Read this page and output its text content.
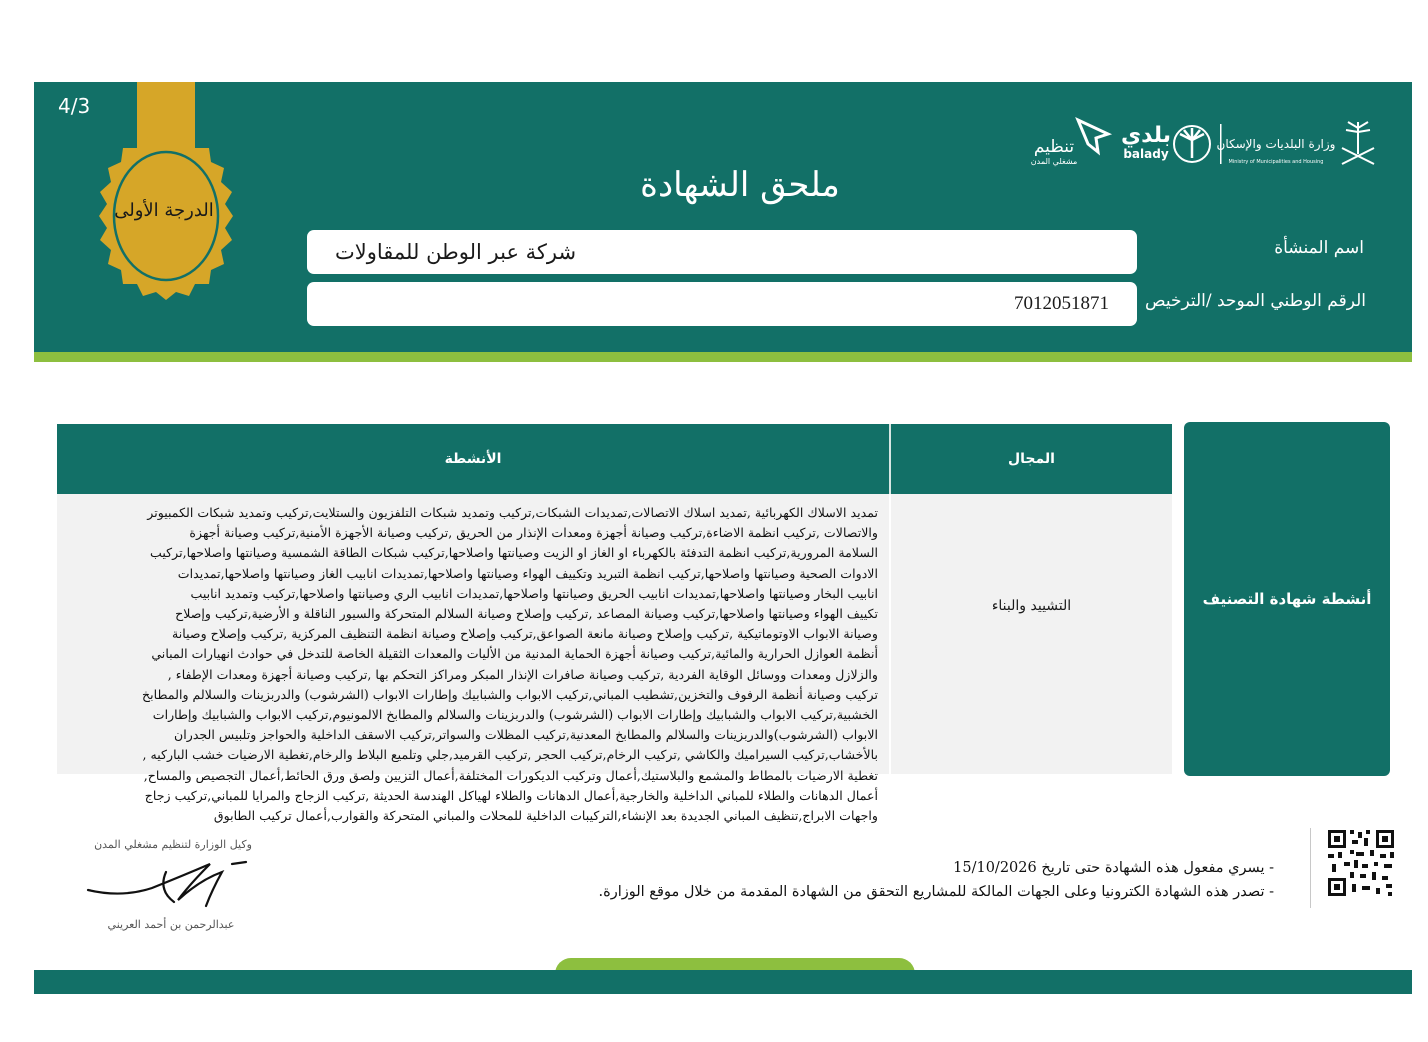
4/3
الدرجة الأولى
تنظيم
مشغلي المدن
بلدي
balady
وزارة البلديات والإسكان
Ministry of Municipalities and Housing
ملحق الشهادة
شركة عبر الوطن للمقاولات	اسم المنشأة
7012051871 الرقم الوطني الموحد /الترخيص
أنشطة شهادة التصنيف
الأنشطة	المجال
التشييد والبناء
تمديد الاسلاك الكهربائية ,تمديد اسلاك الاتصالات,تمديدات الشبكات,تركيب وتمديد شبكات التلفزيون والستلايت,تركيب وتمديد شبكات الكمبيوتر
والاتصالات ,تركيب انظمة الاضاءة,تركيب وصيانة أجهزة ومعدات الإنذار من الحريق ,تركيب وصيانة الأجهزة الأمنية,تركيب وصيانة أجهزة
السلامة المرورية,تركيب انظمة التدفئة بالكهرباء او الغاز او الزيت وصيانتها واصلاحها,تركيب شبكات الطاقة الشمسية وصيانتها واصلاحها,تركيب
الادوات الصحية وصيانتها واصلاحها,تركيب انظمة التبريد وتكييف الهواء وصيانتها واصلاحها,تمديدات انابيب الغاز وصيانتها واصلاحها,تمديدات
انابيب البخار وصيانتها واصلاحها,تمديدات انابيب الحريق وصيانتها واصلاحها,تمديدات انابيب الري وصيانتها واصلاحها,تركيب وتمديد انابيب
تكييف الهواء وصيانتها واصلاحها,تركيب وصيانة المصاعد ,تركيب وإصلاح وصيانة السلالم المتحركة والسيور الناقلة و الأرضية,تركيب وإصلاح
وصيانة الابواب الاوتوماتيكية ,تركيب وإصلاح وصيانة مانعة الصواعق,تركيب وإصلاح وصيانة انظمة التنظيف المركزية ,تركيب وإصلاح وصيانة
أنظمة العوازل الحرارية والمائية,تركيب وصيانة أجهزة الحماية المدنية من الأليات والمعدات الثقيلة الخاصة للتدخل في حوادث انهيارات المباني
والزلازل ومعدات ووسائل الوقاية الفردية ,تركيب وصيانة صافرات الإنذار المبكر ومراكز التحكم بها ,تركيب وصيانة أجهزة ومعدات الإطفاء ,
تركيب وصيانة أنظمة الرفوف والتخزين,تشطيب المباني,تركيب الابواب والشبابيك وإطارات الابواب (الشرشوب) والدربزينات والسلالم والمطابخ
الخشبية,تركيب الابواب والشبابيك وإطارات الابواب (الشرشوب) والدربزينات والسلالم والمطابخ الالمونيوم,تركيب الابواب والشبابيك وإطارات
الابواب (الشرشوب)والدربزينات والسلالم والمطابخ المعدنية,تركيب المظلات والسواتر,تركيب الاسقف الداخلية والحواجز وتلبيس الجدران
بالأخشاب,تركيب السيراميك والكاشي ,تركيب الرخام,تركيب الحجر ,تركيب القرميد,جلي وتلميع البلاط والرخام,تغطية الارضيات خشب الباركيه ,
تغطية الارضيات بالمطاط والمشمع والبلاستيك,أعمال وتركيب الديكورات المختلفة,أعمال التزيين ولصق ورق الحائط,أعمال التجصيص والمساح,
أعمال الدهانات والطلاء للمباني الداخلية والخارجية,أعمال الدهانات والطلاء لهياكل الهندسة الحديثة ,تركيب الزجاج والمرايا للمباني,تركيب زجاج
واجهات الابراج,تنظيف المباني الجديدة بعد الإنشاء,التركيبات الداخلية للمحلات والمباني المتحركة والقوارب,أعمال تركيب الطابوق
وكيل الوزارة لتنظيم مشغلي المدن
عبدالرحمن بن أحمد العريني
- يسري مفعول هذه الشهادة حتى تاريخ 15/10/2026
- تصدر هذه الشهادة الكترونيا وعلى الجهات المالكة للمشاريع التحقق من الشهادة المقدمة من خلال موقع الوزارة.
